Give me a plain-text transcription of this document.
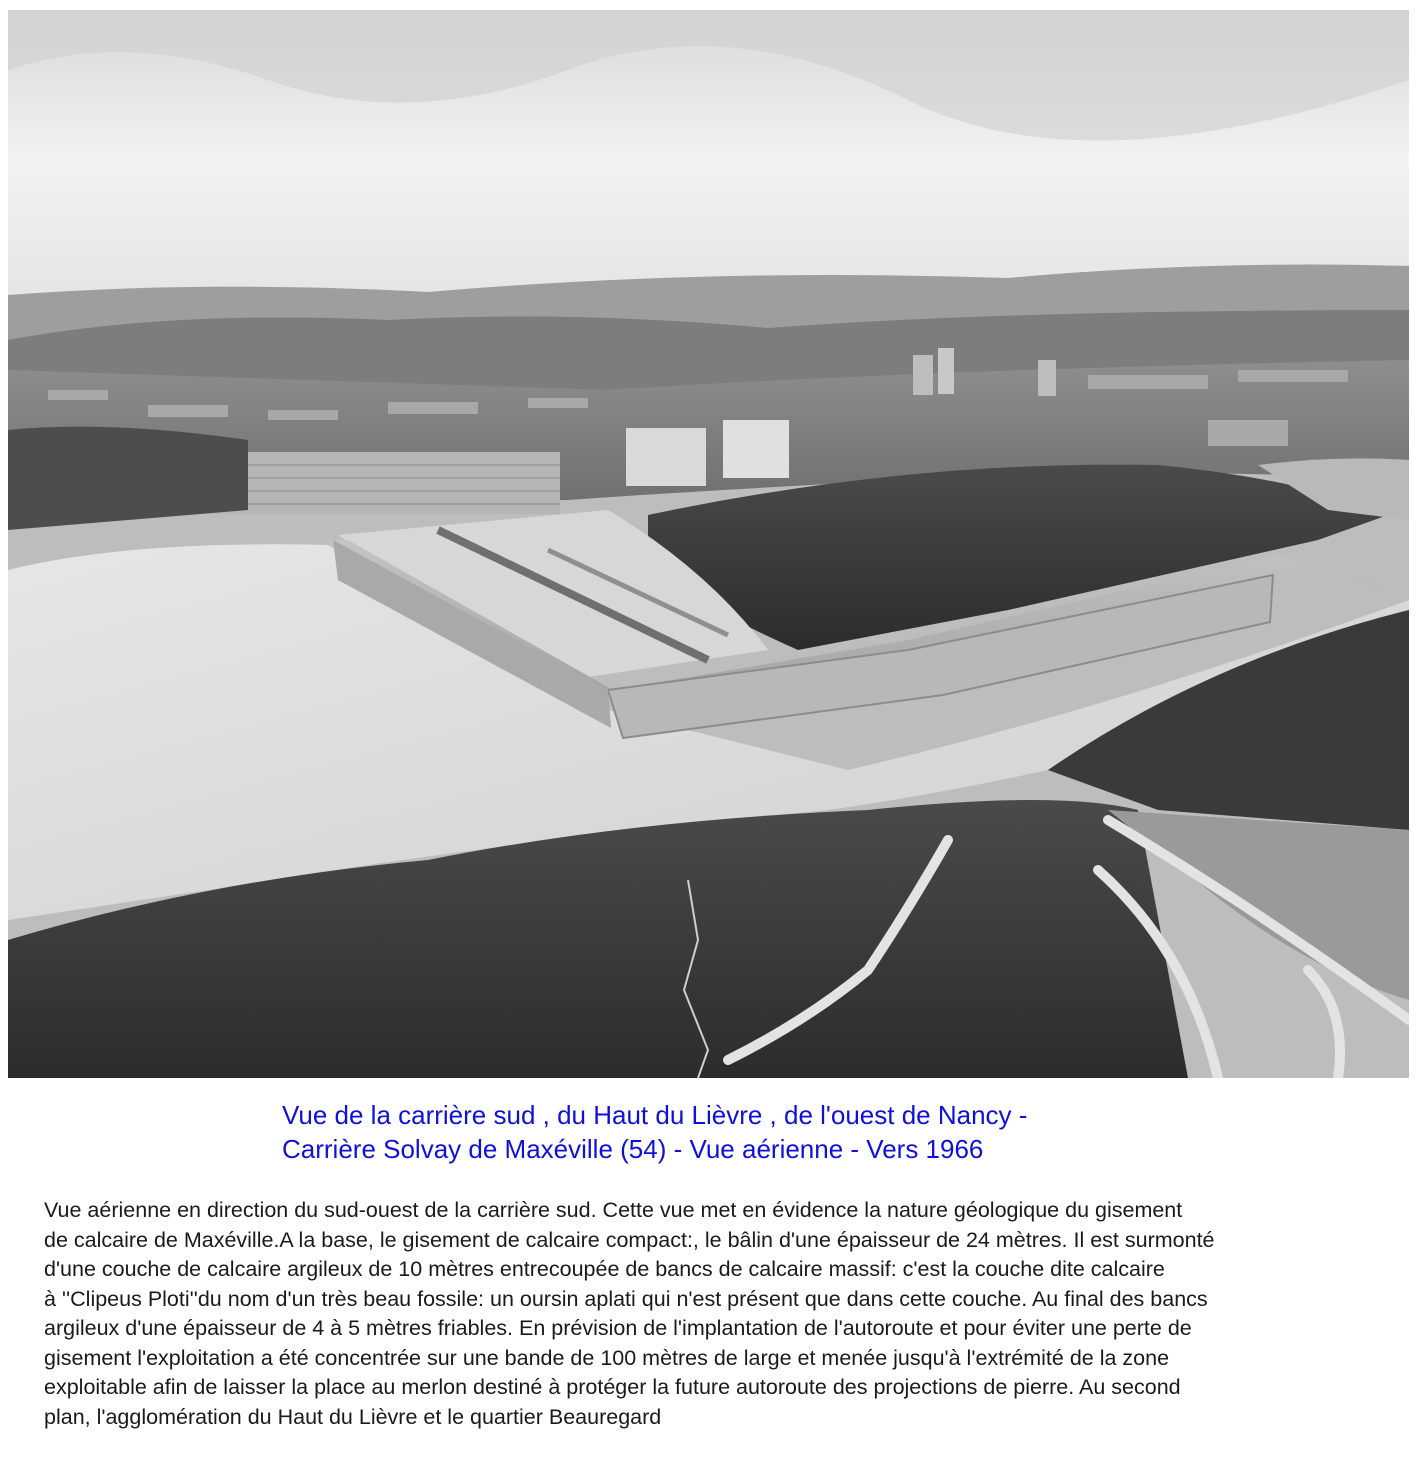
Vue de la carrière sud , du Haut du Lièvre , de l'ouest de Nancy -
Carrière Solvay de Maxéville (54) - Vue aérienne - Vers 1966
Vue aérienne en direction du sud-ouest de la carrière sud. Cette vue met en évidence la nature géologique du gisement
de calcaire de Maxéville.A la base, le gisement de calcaire compact:, le bâlin d'une épaisseur de 24 mètres. Il est surmonté
d'une couche de calcaire argileux de 10 mètres entrecoupée de bancs de calcaire massif: c'est la couche dite calcaire
à ''Clipeus Ploti''du nom d'un très beau fossile: un oursin aplati qui n'est présent que dans cette couche. Au final des bancs
argileux d'une épaisseur de 4 à 5 mètres friables. En prévision de l'implantation de l'autoroute et pour éviter une perte de
gisement l'exploitation a été concentrée sur une bande de 100 mètres de large et menée jusqu'à l'extrémité de la zone
exploitable afin de laisser la place au merlon destiné à protéger la future autoroute des projections de pierre. Au second
plan, l'agglomération du Haut du Lièvre et le quartier Beauregard
